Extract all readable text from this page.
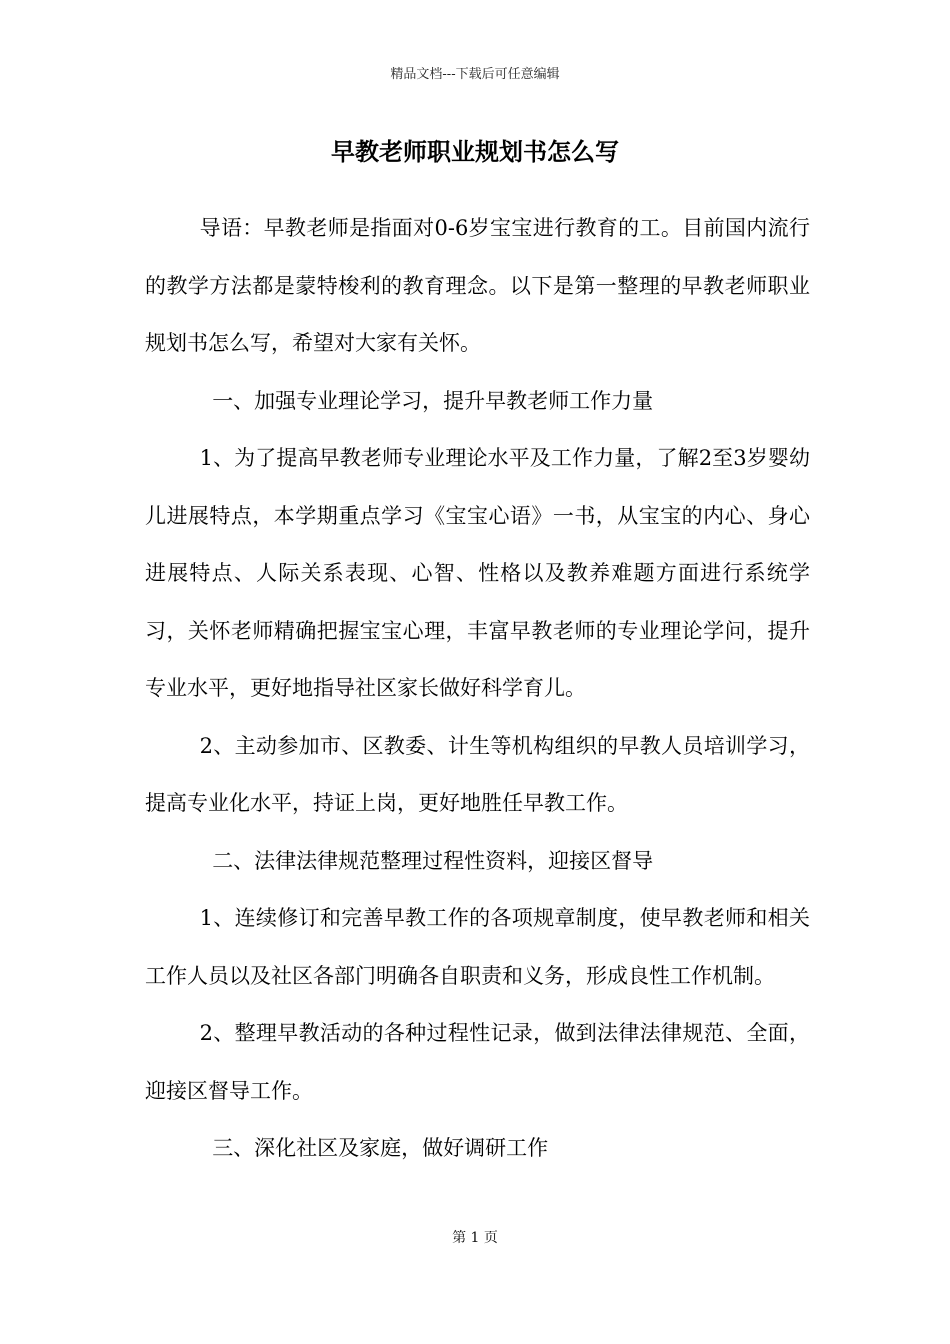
精品文档---下载后可任意编辑
早教老师职业规划书怎么写

导语：早教老师是指面对0-6岁宝宝进行教育的工。目前国内流行的教学方法都是蒙特梭利的教育理念。以下是第一整理的早教老师职业规划书怎么写，希望对大家有关怀。

一、加强专业理论学习，提升早教老师工作力量

1、为了提高早教老师专业理论水平及工作力量，了解2至3岁婴幼儿进展特点，本学期重点学习《宝宝心语》一书，从宝宝的内心、身心进展特点、人际关系表现、心智、性格以及教养难题方面进行系统学习，关怀老师精确把握宝宝心理，丰富早教老师的专业理论学问，提升专业水平，更好地指导社区家长做好科学育儿。

2、主动参加市、区教委、计生等机构组织的早教人员培训学习，提高专业化水平，持证上岗，更好地胜任早教工作。

二、法律法律规范整理过程性资料，迎接区督导

1、连续修订和完善早教工作的各项规章制度，使早教老师和相关工作人员以及社区各部门明确各自职责和义务，形成良性工作机制。

2、整理早教活动的各种过程性记录，做到法律法律规范、全面，迎接区督导工作。

三、深化社区及家庭，做好调研工作

第 1 页
